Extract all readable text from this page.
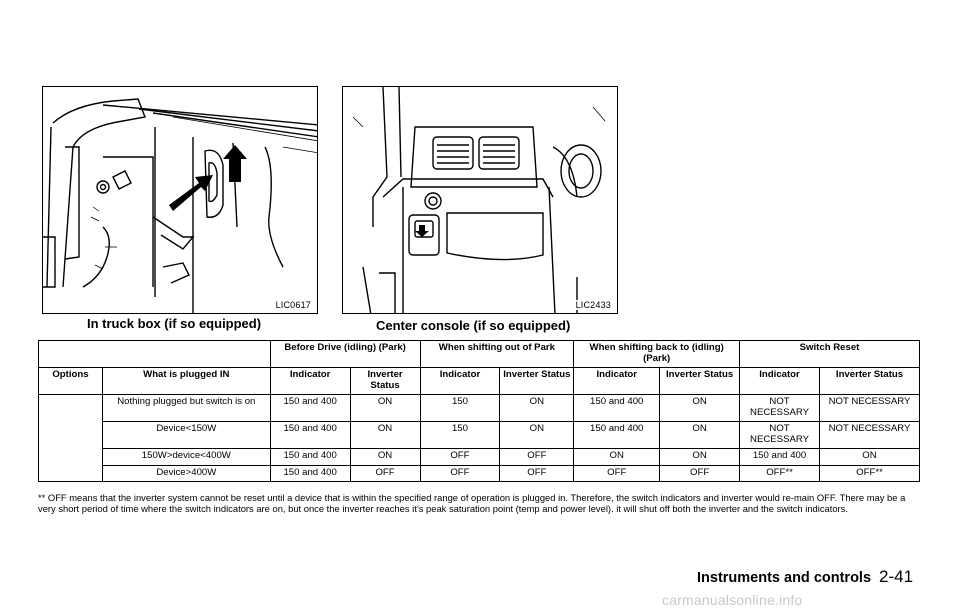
LIC0617
In truck box (if so equipped)
LIC2433
Center console (if so equipped)
		Before Drive (idling) (Park)		When shifting out of Park		When shifting back to (idling) (Park)		Switch Reset	
Options	What is plugged IN	Indicator	Inverter Status	Indicator	Inverter Status	Indicator	Inverter Status	Indicator	Inverter Status
	Nothing plugged but switch is on	150 and 400	ON	150	ON	150 and 400	ON	NOT NECESSARY	NOT NECESSARY
	Device<150W	150 and 400	ON	150	ON	150 and 400	ON	NOT NECESSARY	NOT NECESSARY
	150W>device<400W	150 and 400	ON	OFF	OFF	ON	ON	150 and 400	ON
	Device>400W	150 and 400	OFF	OFF	OFF	OFF	OFF	OFF**	OFF**

** OFF means that the inverter system cannot be reset until a device that is within the specified range of operation is plugged in. Therefore, the switch indicators and inverter would re-main OFF. There may be a very short period of time where the switch indicators are on, but once the inverter reaches it’s peak saturation point (temp and power level). it will shut off both the inverter and the switch indicators.

Instruments and controls 2-41
carmanualsonline.info
